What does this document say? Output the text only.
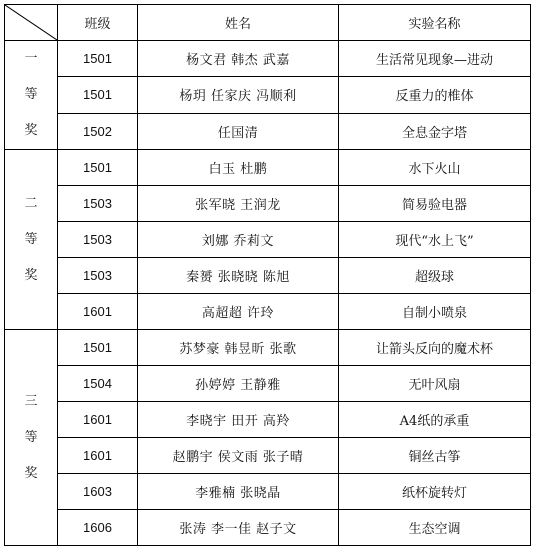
	班级	姓名	实验名称

一
等
奖	1501	杨文君 韩杰 武嘉	生活常见现象—进动
	1501	杨玥 任家庆 冯顺利	反重力的椎体
	1502	任国清	全息金字塔

二
等
奖	1501	白玉 杜鹏	水下火山
	1503	张军晓 王润龙	简易验电器
	1503	刘娜 乔莉文	现代“水上飞”
	1503	秦赟 张晓晓 陈旭	超级球
	1601	高超超 许玲	自制小喷泉

三
等
奖	1501	苏梦豪 韩昱昕 张歌	让箭头反向的魔术杯
	1504	孙婷婷 王静雅	无叶风扇
	1601	李晓宇 田开 高羚	A4纸的承重
	1601	赵鹏宇 侯文雨 张子晴	铜丝古筝
	1603	李雅楠 张晓晶	纸杯旋转灯
	1606	张涛 李一佳 赵子文	生态空调
